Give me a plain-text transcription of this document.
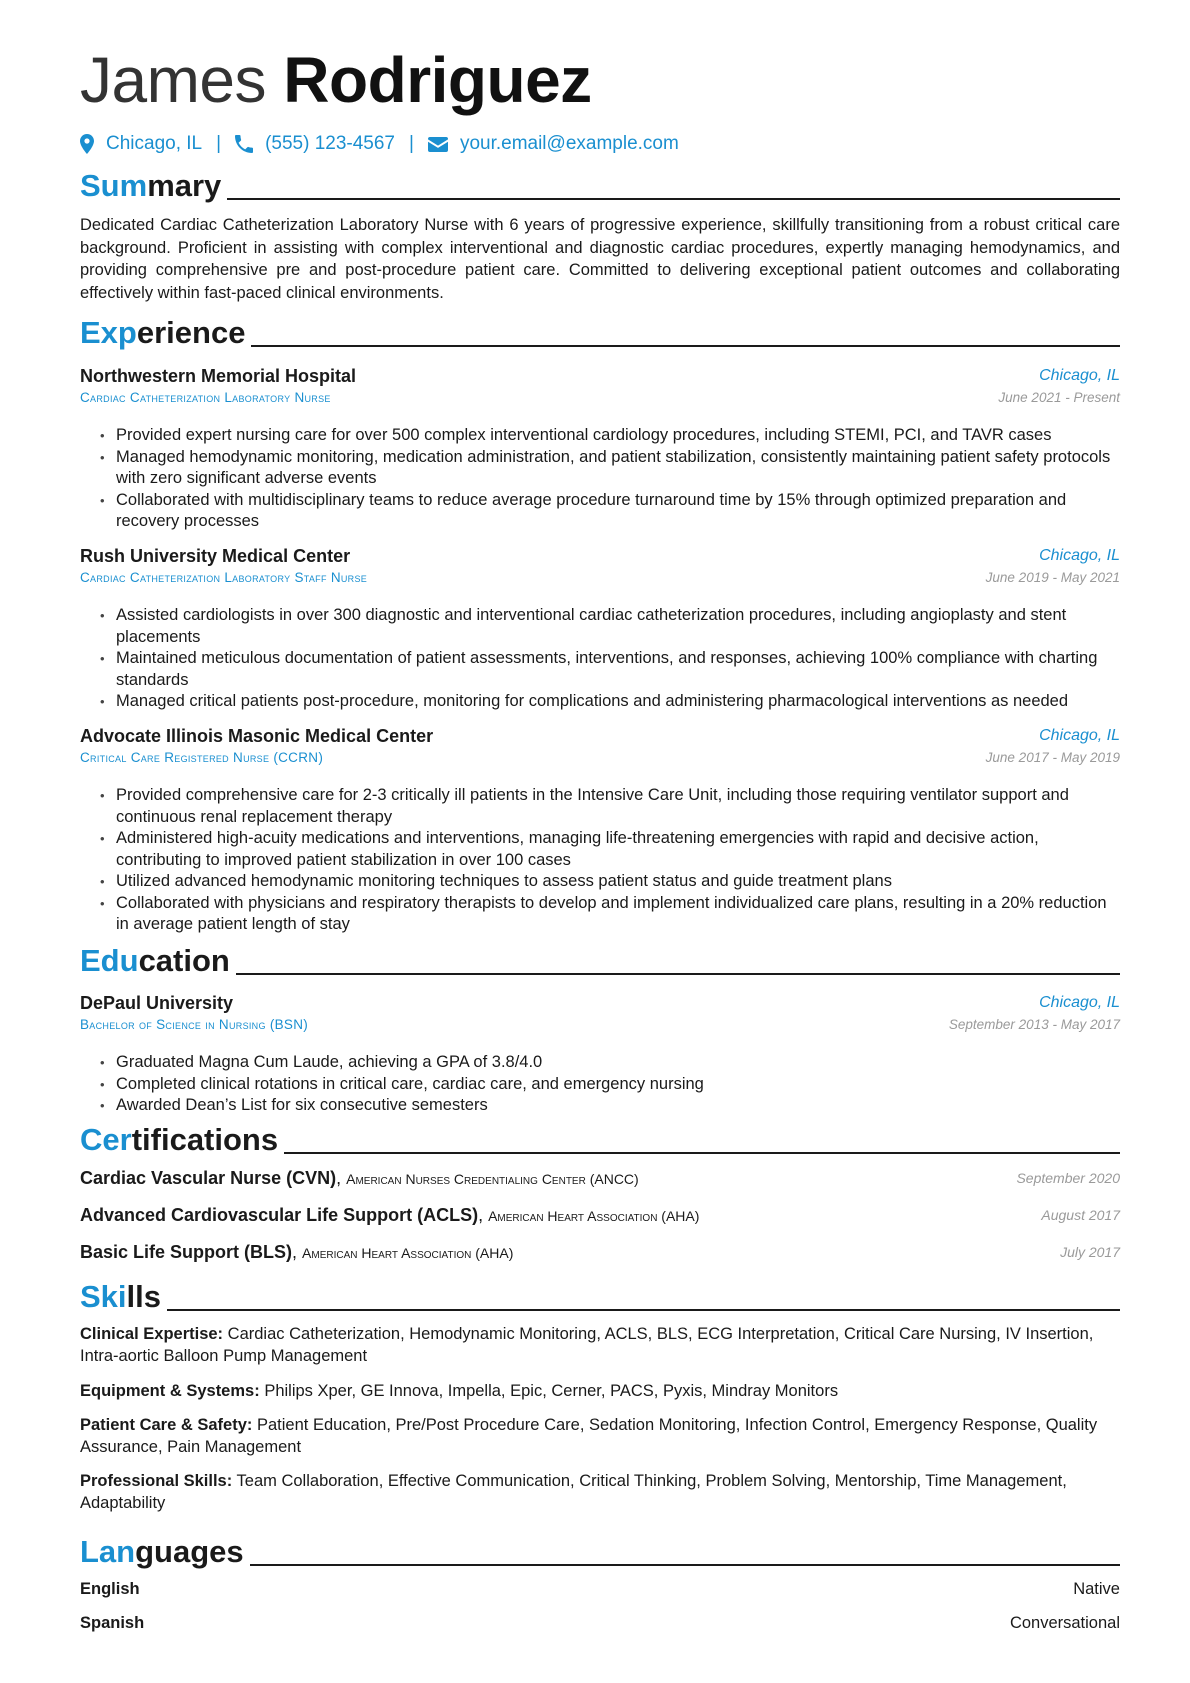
James Rodriguez
Chicago, IL | (555) 123-4567 | your.email@example.com
Summary
Dedicated Cardiac Catheterization Laboratory Nurse with 6 years of progressive experience, skillfully transitioning from a robust critical care background. Proficient in assisting with complex interventional and diagnostic cardiac procedures, expertly managing hemodynamics, and providing comprehensive pre and post-procedure patient care. Committed to delivering exceptional patient outcomes and collaborating effectively within fast-paced clinical environments.
Experience
Northwestern Memorial Hospital	Chicago, IL
Cardiac Catheterization Laboratory Nurse	June 2021 - Present
• Provided expert nursing care for over 500 complex interventional cardiology procedures, including STEMI, PCI, and TAVR cases
• Managed hemodynamic monitoring, medication administration, and patient stabilization, consistently maintaining patient safety protocols with zero significant adverse events
• Collaborated with multidisciplinary teams to reduce average procedure turnaround time by 15% through optimized preparation and recovery processes
Rush University Medical Center	Chicago, IL
Cardiac Catheterization Laboratory Staff Nurse	June 2019 - May 2021
• Assisted cardiologists in over 300 diagnostic and interventional cardiac catheterization procedures, including angioplasty and stent placements
• Maintained meticulous documentation of patient assessments, interventions, and responses, achieving 100% compliance with charting standards
• Managed critical patients post-procedure, monitoring for complications and administering pharmacological interventions as needed
Advocate Illinois Masonic Medical Center	Chicago, IL
Critical Care Registered Nurse (CCRN)	June 2017 - May 2019
• Provided comprehensive care for 2-3 critically ill patients in the Intensive Care Unit, including those requiring ventilator support and continuous renal replacement therapy
• Administered high-acuity medications and interventions, managing life-threatening emergencies with rapid and decisive action, contributing to improved patient stabilization in over 100 cases
• Utilized advanced hemodynamic monitoring techniques to assess patient status and guide treatment plans
• Collaborated with physicians and respiratory therapists to develop and implement individualized care plans, resulting in a 20% reduction in average patient length of stay
Education
DePaul University	Chicago, IL
Bachelor of Science in Nursing (BSN)	September 2013 - May 2017
• Graduated Magna Cum Laude, achieving a GPA of 3.8/4.0
• Completed clinical rotations in critical care, cardiac care, and emergency nursing
• Awarded Dean’s List for six consecutive semesters
Certifications
Cardiac Vascular Nurse (CVN), American Nurses Credentialing Center (ANCC)	September 2020
Advanced Cardiovascular Life Support (ACLS), American Heart Association (AHA)	August 2017
Basic Life Support (BLS), American Heart Association (AHA)	July 2017
Skills
Clinical Expertise: Cardiac Catheterization, Hemodynamic Monitoring, ACLS, BLS, ECG Interpretation, Critical Care Nursing, IV Insertion, Intra-aortic Balloon Pump Management
Equipment & Systems: Philips Xper, GE Innova, Impella, Epic, Cerner, PACS, Pyxis, Mindray Monitors
Patient Care & Safety: Patient Education, Pre/Post Procedure Care, Sedation Monitoring, Infection Control, Emergency Response, Quality Assurance, Pain Management
Professional Skills: Team Collaboration, Effective Communication, Critical Thinking, Problem Solving, Mentorship, Time Management, Adaptability
Languages
English	Native
Spanish	Conversational
